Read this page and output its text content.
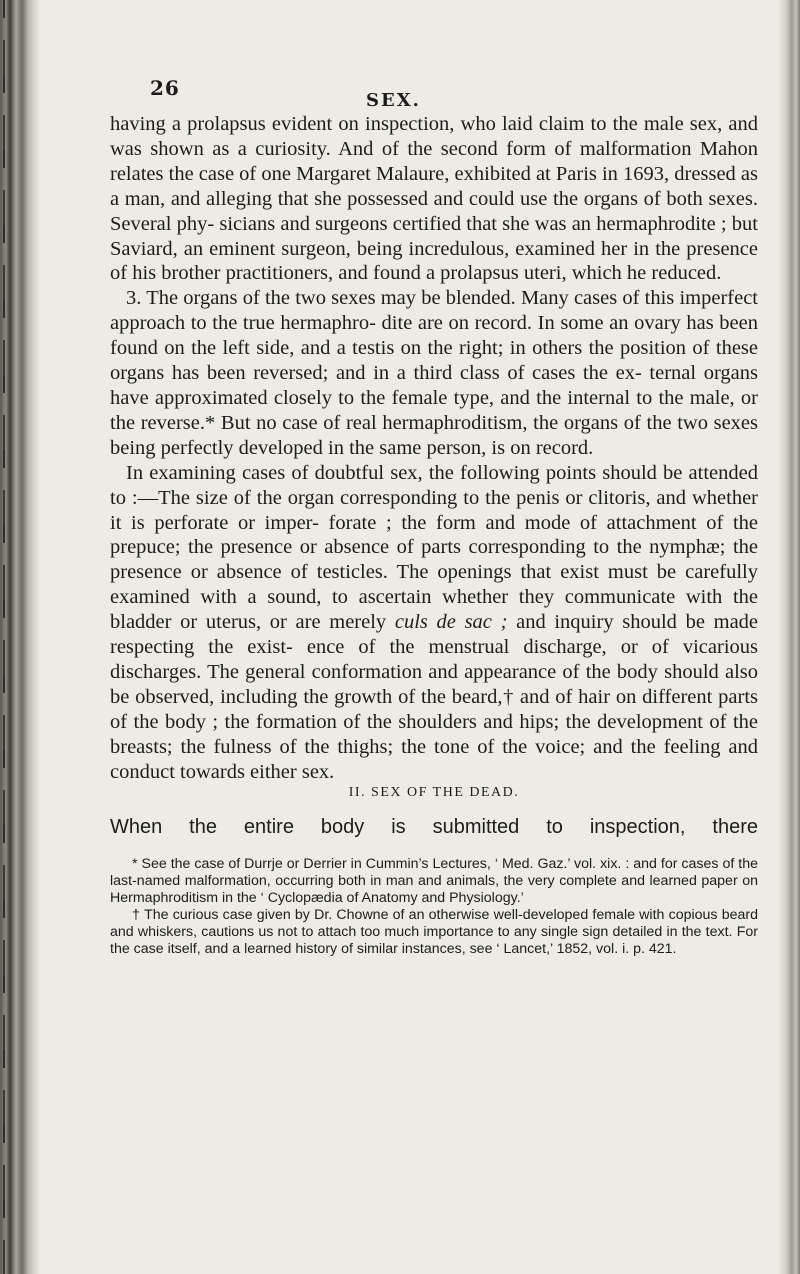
26
SEX.

having a prolapsus evident on inspection, who laid claim to the male sex, and was shown as a curiosity. And of the second form of malformation Mahon relates the case of one Margaret Malaure, exhibited at Paris in 1693, dressed as a man, and alleging that she possessed and could use the organs of both sexes. Several phy- sicians and surgeons certified that she was an hermaphrodite ; but Saviard, an eminent surgeon, being incredulous, examined her in the presence of his brother practitioners, and found a prolapsus uteri, which he reduced.

3. The organs of the two sexes may be blended. Many cases of this imperfect approach to the true hermaphro- dite are on record. In some an ovary has been found on the left side, and a testis on the right; in others the position of these organs has been reversed; and in a third class of cases the ex- ternal organs have approximated closely to the female type, and the internal to the male, or the reverse.* But no case of real hermaphroditism, the organs of the two sexes being perfectly developed in the same person, is on record.

In examining cases of doubtful sex, the following points should be attended to :—The size of the organ corresponding to the penis or clitoris, and whether it is perforate or imper- forate ; the form and mode of attachment of the prepuce; the presence or absence of parts corresponding to the nymphæ; the presence or absence of testicles. The openings that exist must be carefully examined with a sound, to ascertain whether they communicate with the bladder or uterus, or are merely culs de sac ; and inquiry should be made respecting the exist- ence of the menstrual discharge, or of vicarious discharges. The general conformation and appearance of the body should also be observed, including the growth of the beard,† and of hair on different parts of the body ; the formation of the shoulders and hips; the development of the breasts; the fulness of the thighs; the tone of the voice; and the feeling and conduct towards either sex.

II. SEX OF THE DEAD.
When the entire body is submitted to inspection, there

* See the case of Durrje or Derrier in Cummin’s Lectures, ‘ Med. Gaz.’ vol. xix. : and for cases of the last-named malformation, occurring both in man and animals, the very complete and learned paper on Hermaphroditism in the ‘ Cyclopædia of Anatomy and Physiology.’

† The curious case given by Dr. Chowne of an otherwise well-developed female with copious beard and whiskers, cautions us not to attach too much importance to any single sign detailed in the text. For the case itself, and a learned history of similar instances, see ‘ Lancet,’ 1852, vol. i. p. 421.
